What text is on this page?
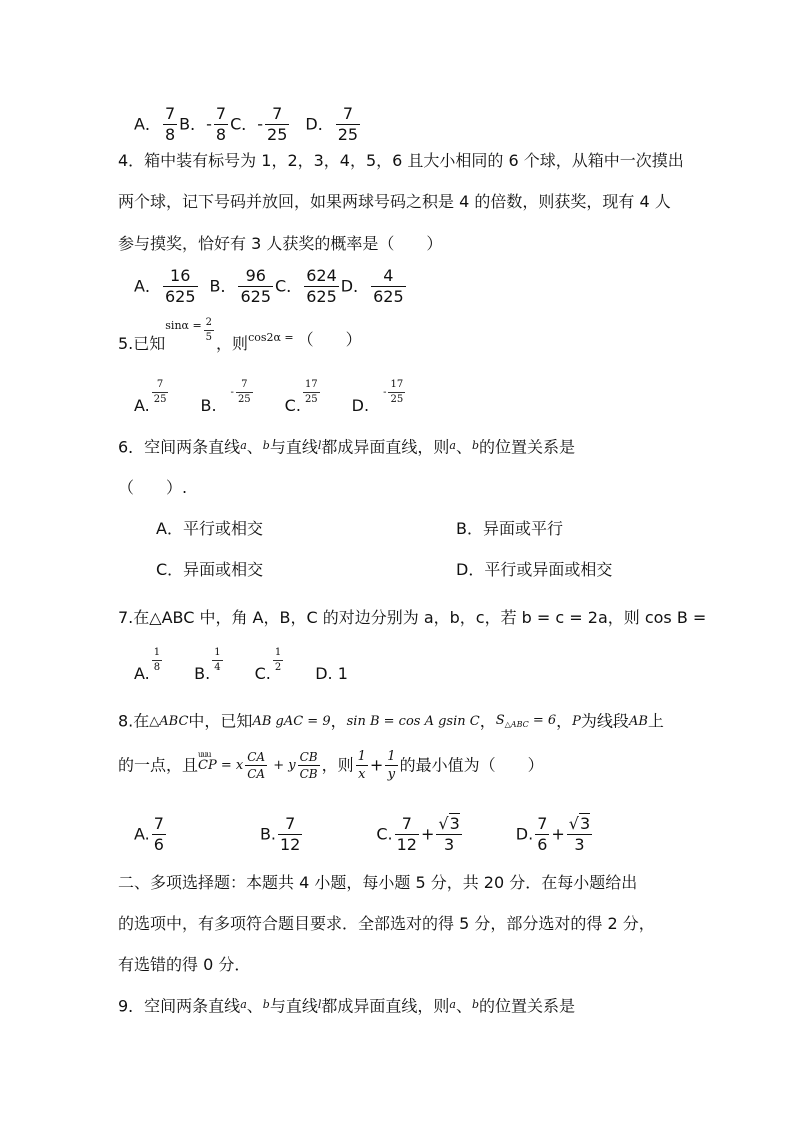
A． $\frac{7}{8}$ B．- $\frac{7}{8}$ C．- $\frac{7}{25}$ D． $\frac{7}{25}$
4．箱中装有标号为 1，2，3，4，5，6 且大小相同的 6 个球，从箱中一次摸出
两个球，记下号码并放回，如果两球号码之积是 4 的倍数，则获奖，现有 4 人
参与摸奖，恰好有 3 人获奖的概率是（　　）
A． $\frac{16}{625}$ B． $\frac{96}{625}$ C． $\frac{624}{625}$ D． $\frac{4}{625}$
5.已知$^{sin\alpha =} \frac{2}{5}$
，则$_{cos2\alpha =}$ （　　）
A.
$\frac{7}{25}$
$B.- \frac{7}{25}$
C.
$\frac{17}{25}$
$D.- \frac{17}{25}$
6．空间两条直线a、b与直线l都成异面直线，则a、b的位置关系是
（　　）.
A．平行或相交	B．异面或平行
C．异面或相交	D．平行或异面或相交
7.在△ABC 中，角 A，B，C 的对边分别为 a，b，c，若 b = c = 2a，则 cos B =
A.
$\frac{1}{8}$
B.
$\frac{1}{4}$
C.
$\frac{1}{2}$
D. 1
8.在△ABC中，已知AB gAC = 9，sin B = cos A gsin C，$S_{\triangle ABC} = 6$，P为线段AB上
的一点，且
uuu
CP = x $\frac{CA}{CA} + y \frac{CB}{CB}$ ，则 $\frac{1}{x} + \frac{1}{y}$ 的最小值为（　　）
A. $\frac{7}{6}$	B. $\frac{7}{12}$	C. $\frac{7}{12} + \frac{√3}{3}$	D. $\frac{7}{6} + \frac{√3}{3}$
二、多项选择题：本题共 4 小题，每小题 5 分，共 20 分．在每小题给出
的选项中，有多项符合题目要求．全部选对的得 5 分，部分选对的得 2 分，
有选错的得 0 分．
9．空间两条直线a、b与直线l都成异面直线，则a、b的位置关系是
